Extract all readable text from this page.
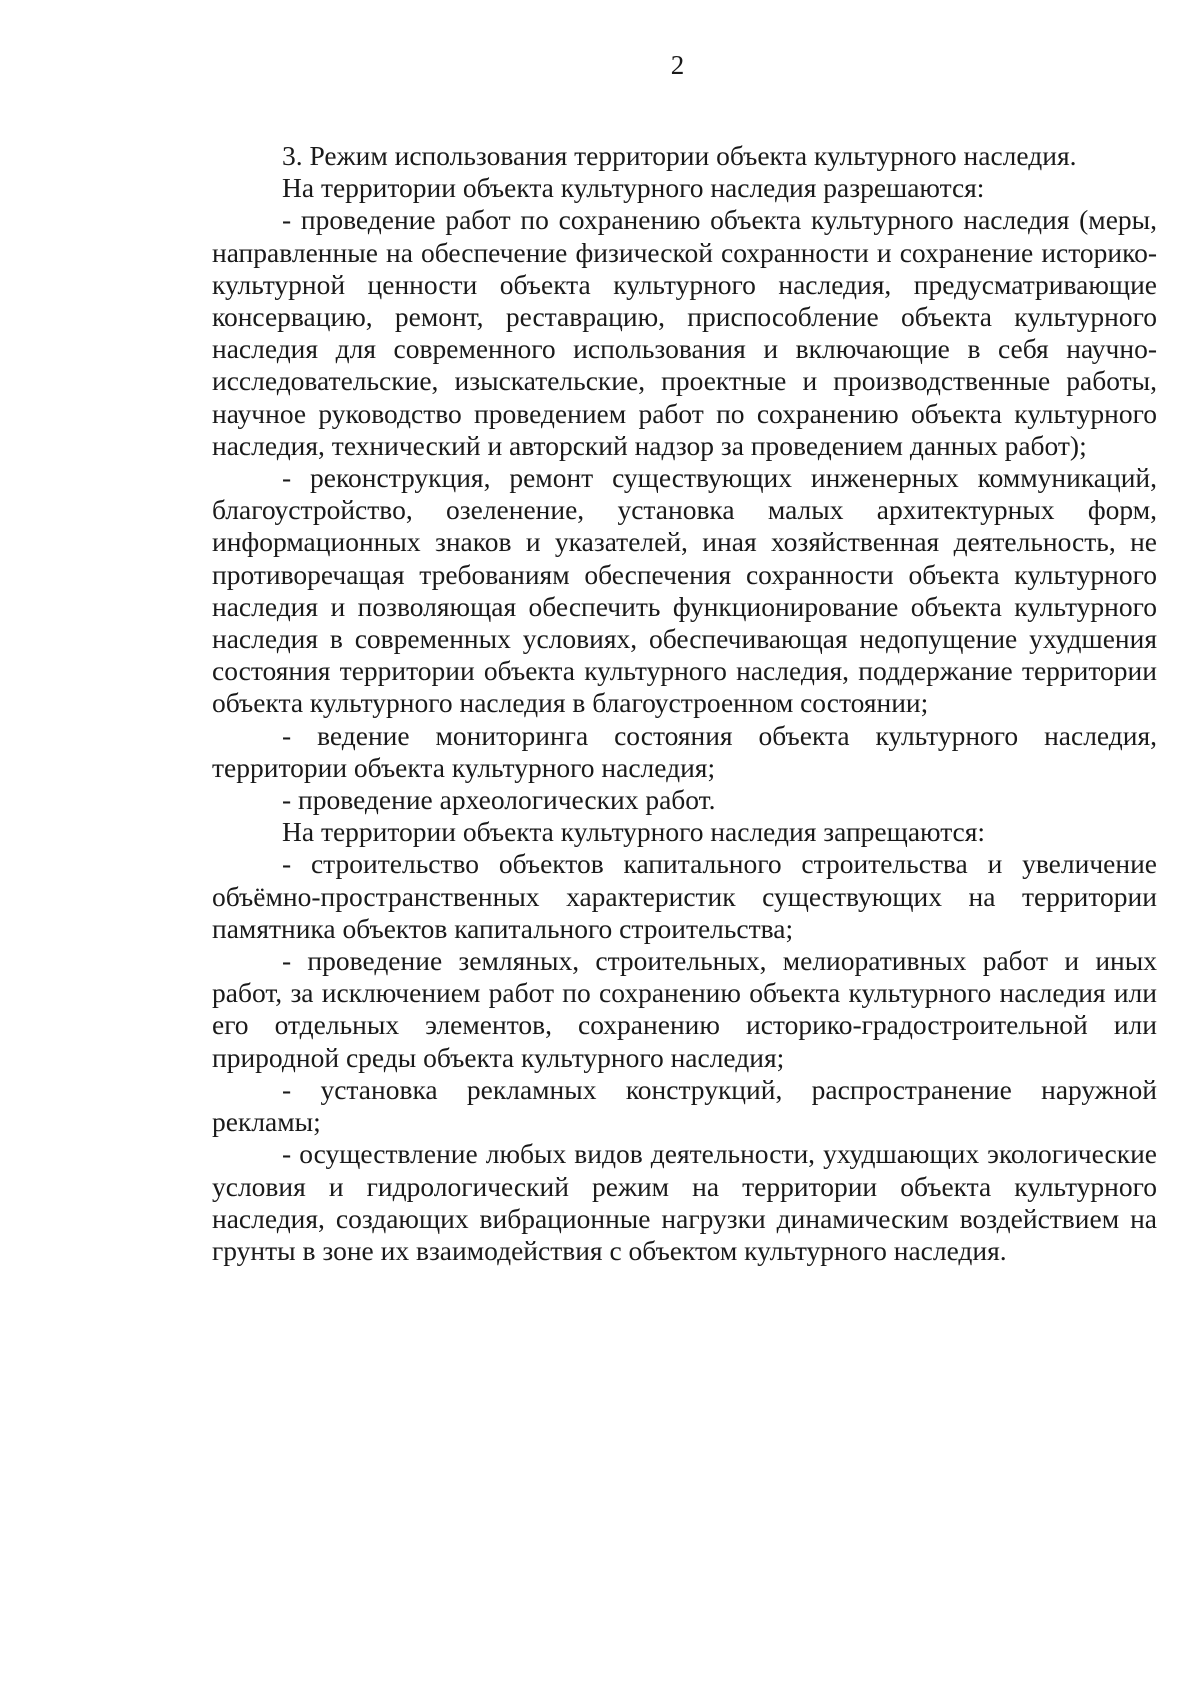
2

3. Режим использования территории объекта культурного наследия.

На территории объекта культурного наследия разрешаются:

- проведение работ по сохранению объекта культурного наследия (меры, направленные на обеспечение физической сохранности и сохранение историко-культурной ценности объекта культурного наследия, предусматривающие консервацию, ремонт, реставрацию, приспособление объекта культурного наследия для современного использования и включающие в себя научно-исследовательские, изыскательские, проектные и производственные работы, научное руководство проведением работ по сохранению объекта культурного наследия, технический и авторский надзор за проведением данных работ);

- реконструкция, ремонт существующих инженерных коммуникаций, благоустройство, озеленение, установка малых архитектурных форм, информационных знаков и указателей, иная хозяйственная деятельность, не противоречащая требованиям обеспечения сохранности объекта культурного наследия и позволяющая обеспечить функционирование объекта культурного наследия в современных условиях, обеспечивающая недопущение ухудшения состояния территории объекта культурного наследия, поддержание территории объекта культурного наследия в благоустроенном состоянии;

- ведение мониторинга состояния объекта культурного наследия, территории объекта культурного наследия;

- проведение археологических работ.

На территории объекта культурного наследия запрещаются:

- строительство объектов капитального строительства и увеличение объёмно-пространственных характеристик существующих на территории памятника объектов капитального строительства;

- проведение земляных, строительных, мелиоративных работ и иных работ, за исключением работ по сохранению объекта культурного наследия или его отдельных элементов, сохранению историко-градостроительной или природной среды объекта культурного наследия;

- установка рекламных конструкций, распространение наружной рекламы;

- осуществление любых видов деятельности, ухудшающих экологические условия и гидрологический режим на территории объекта культурного наследия, создающих вибрационные нагрузки динамическим воздействием на грунты в зоне их взаимодействия с объектом культурного наследия.
